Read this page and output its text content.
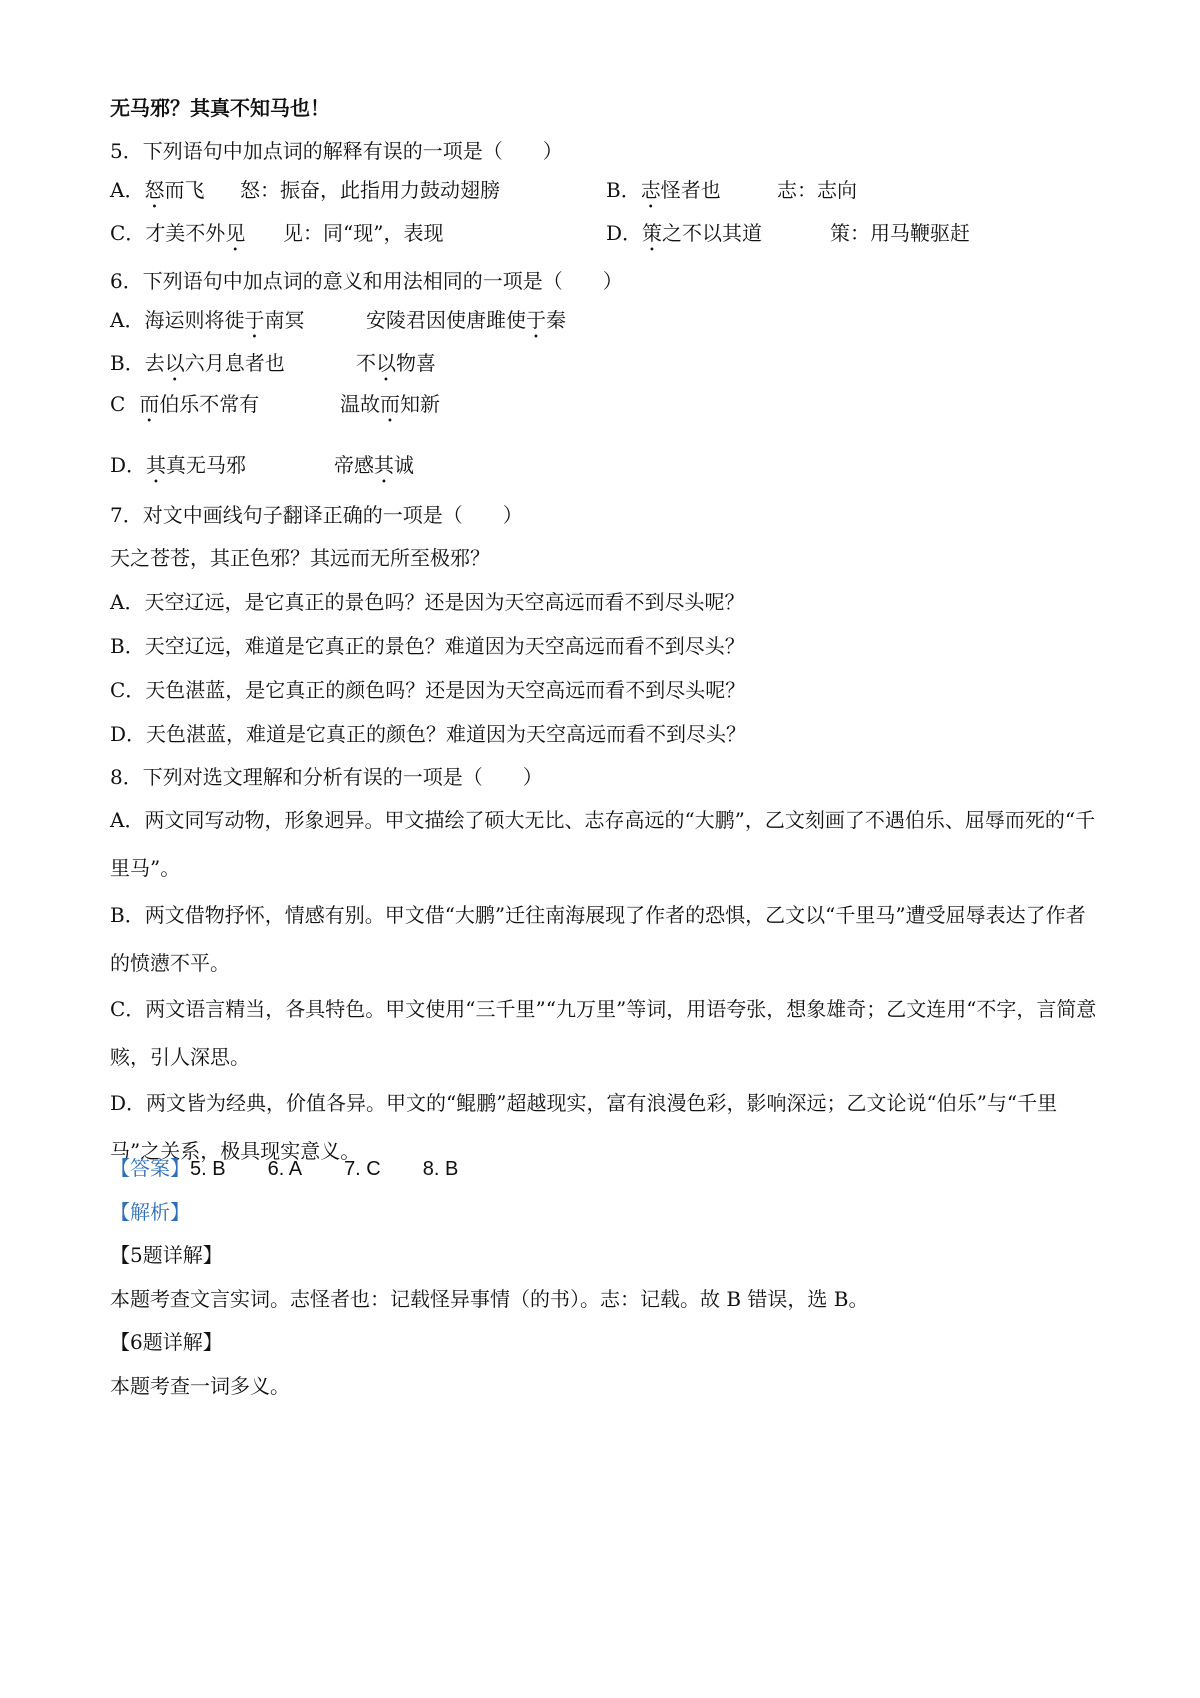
无马邪？其真不知马也！
5．下列语句中加点词的解释有误的一项是（　　）
A．怒而飞 怒：振奋，此指用力鼓动翅膀	B．志怪者也	志：志向
C．才美不外见 见：同“现”，表现	D．策之不以其道	策：用马鞭驱赶
6．下列语句中加点词的意义和用法相同的一项是（　　）
A．海运则将徙于南冥	安陵君因使唐雎使于秦
B．去以六月息者也	不以物喜
C 而伯乐不常有	温故而知新
D．其真无马邪	帝感其诚
7．对文中画线句子翻译正确的一项是（　　）
天之苍苍，其正色邪？其远而无所至极邪？
A．天空辽远，是它真正的景色吗？还是因为天空高远而看不到尽头呢？
B．天空辽远，难道是它真正的景色？难道因为天空高远而看不到尽头？
C．天色湛蓝，是它真正的颜色吗？还是因为天空高远而看不到尽头呢？
D．天色湛蓝，难道是它真正的颜色？难道因为天空高远而看不到尽头？
8．下列对选文理解和分析有误的一项是（　　）
A．两文同写动物，形象迥异。甲文描绘了硕大无比、志存高远的“大鹏”，乙文刻画了不遇伯乐、屈辱而死的“千里马”。
B．两文借物抒怀，情感有别。甲文借“大鹏”迁往南海展现了作者的恐惧，乙文以“千里马”遭受屈辱表达了作者的愤懑不平。
C．两文语言精当，各具特色。甲文使用“三千里”“九万里”等词，用语夸张，想象雄奇；乙文连用“不字，言简意赅，引人深思。
D．两文皆为经典，价值各异。甲文的“鲲鹏”超越现实，富有浪漫色彩，影响深远；乙文论说“伯乐”与“千里马”之关系，极具现实意义。
【答案】5. B 6. A 7. C 8. B
【解析】
【5题详解】
本题考查文言实词。志怪者也：记载怪异事情（的书）。志：记载。故 B 错误，选 B。
【6题详解】
本题考查一词多义。
